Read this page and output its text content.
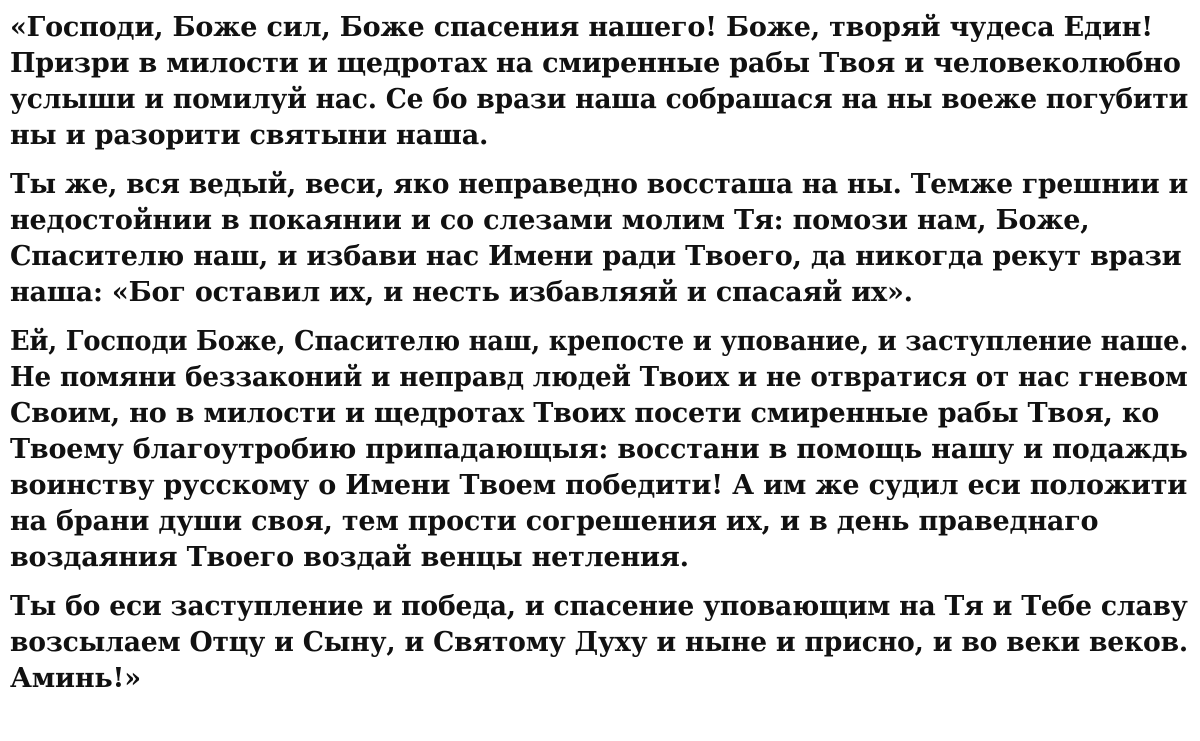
«Господи, Боже сил, Боже спасения нашего! Боже, творяй чудеса Един!
Призри в милости и щедротах на смиренные рабы Твоя и человеколюбно
услыши и помилуй нас. Се бо врази наша собрашася на ны воеже погубити
ны и разорити святыни наша.
Ты же, вся ведый, веси, яко неправедно воссташа на ны. Темже грешнии и
недостойнии в покаянии и со слезами молим Тя: помози нам, Боже,
Спасителю наш, и избави нас Имени ради Твоего, да никогда рекут врази
наша: «Бог оставил их, и несть избавляяй и спасаяй их».
Ей, Господи Боже, Спасителю наш, крепосте и упование, и заступление наше.
Не помяни беззаконий и неправд людей Твоих и не отвратися от нас гневом
Своим, но в милости и щедротах Твоих посети смиренные рабы Твоя, ко
Твоему благоутробию припадающыя: восстани в помощь нашу и подаждь
воинству русскому о Имени Твоем победити! А им же судил еси положити
на брани души своя, тем прости согрешения их, и в день праведнаго
воздаяния Твоего воздай венцы нетления.
Ты бо еси заступление и победа, и спасение уповающим на Тя и Тебе славу
возсылаем Отцу и Сыну, и Святому Духу и ныне и присно, и во веки веков.
Аминь!»
